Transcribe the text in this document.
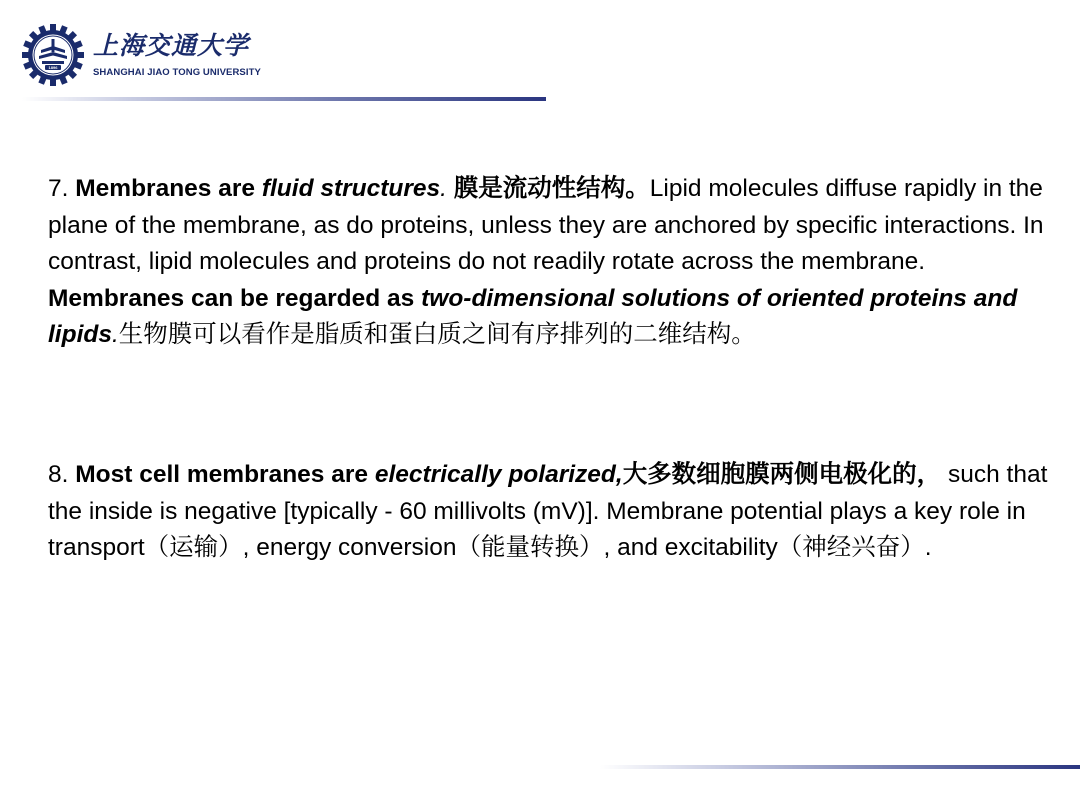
1896
上海交通大学
SHANGHAI JIAO TONG UNIVERSITY
7. Membranes are fluid structures. 膜是流动性结构。Lipid molecules diffuse rapidly in the plane of the membrane, as do proteins, unless they are anchored by specific interactions. In contrast, lipid molecules and proteins do not readily rotate across the membrane. Membranes can be regarded as two-dimensional solutions of oriented proteins and lipids.生物膜可以看作是脂质和蛋白质之间有序排列的二维结构。
8. Most cell membranes are electrically polarized,大多数细胞膜两侧电极化的， such that the inside is negative [typically - 60 millivolts (mV)]. Membrane potential plays a key role in transport（运输）, energy conversion（能量转换）, and excitability（神经兴奋）.
